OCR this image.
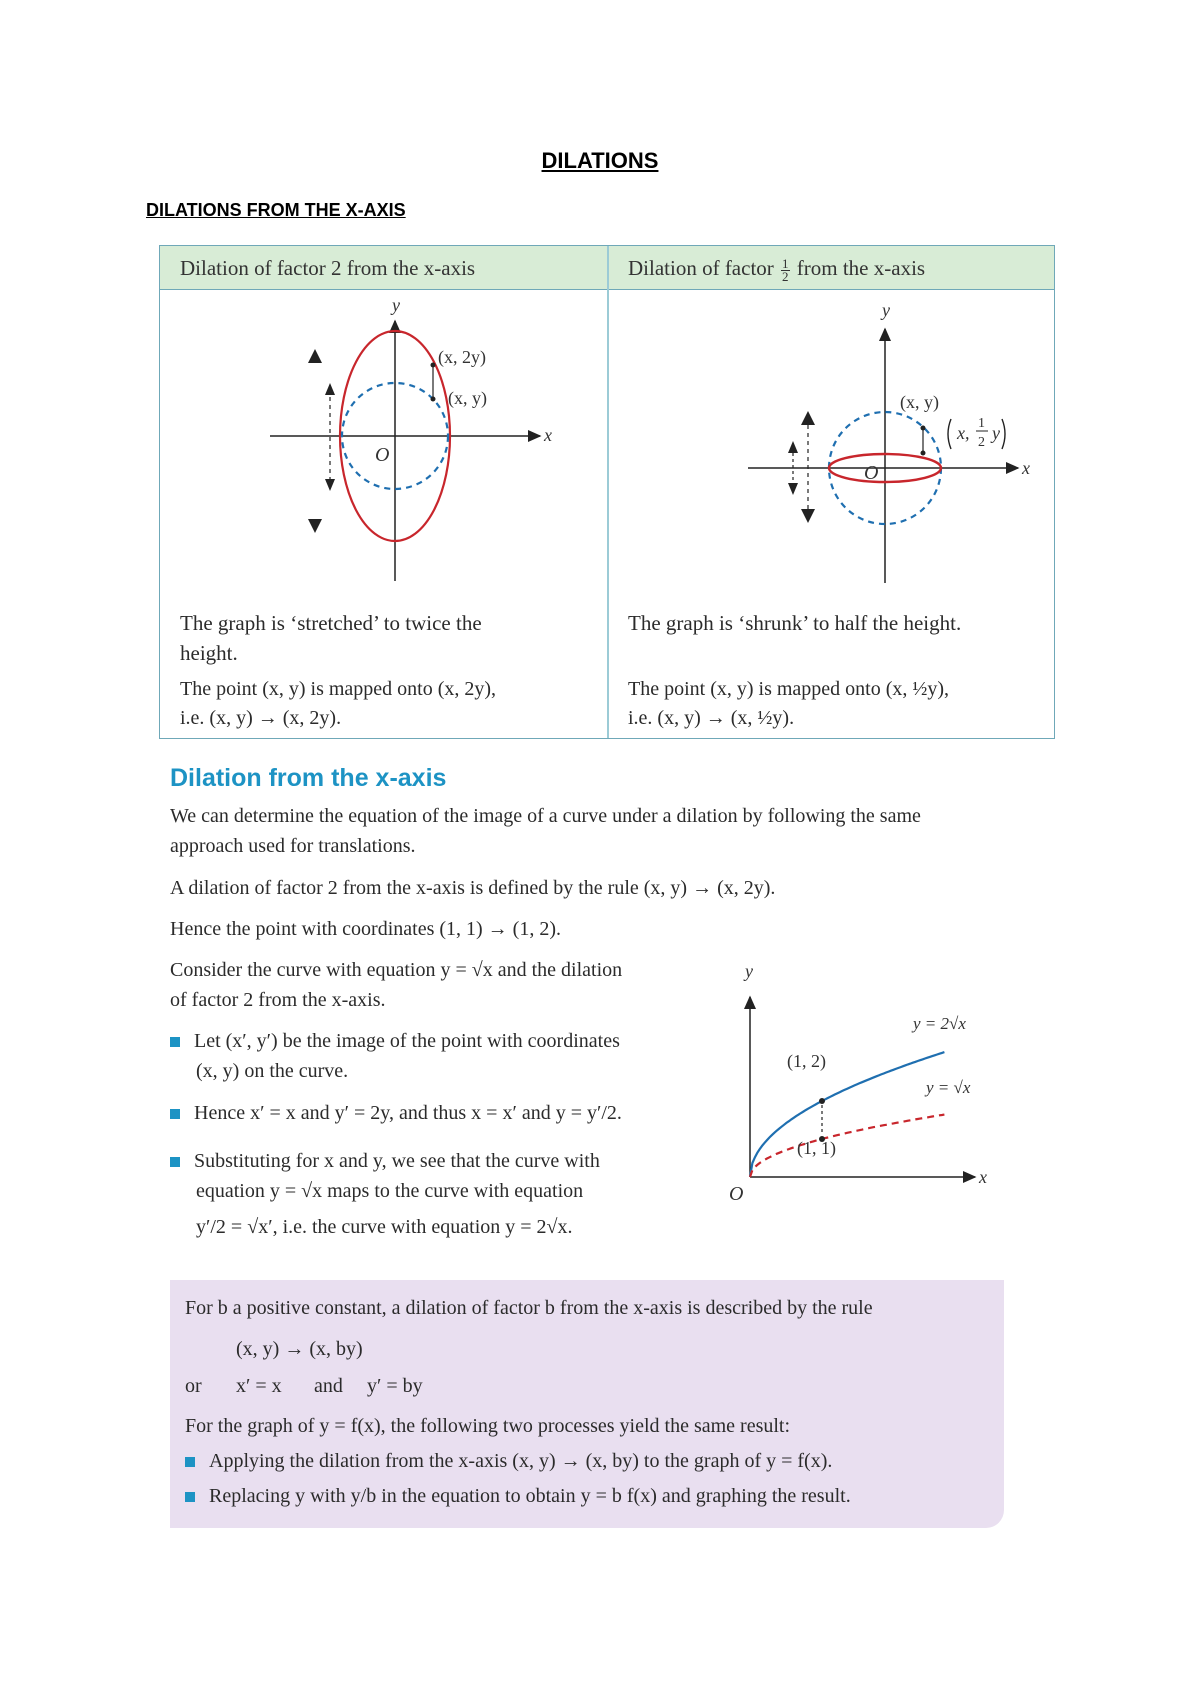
DILATIONS
DILATIONS FROM THE X-AXIS
Dilation of factor 2 from the x-axis	Dilation of factor $\frac{1}{2}$ from the x-axis
y
x
O
(x, 2y)
(x, y)
y
x
O
(x, y)
x, 1
2 y
The graph is ‘stretched’ to twice the
height.
The point (x, y) is mapped onto (x, 2y),
i.e. (x, y) → (x, 2y).
The graph is ‘shrunk’ to half the height.
The point (x, y) is mapped onto (x, ½y),
i.e. (x, y) → (x, ½y).
Dilation from the x-axis
We can determine the equation of the image of a curve under a dilation by following the same
approach used for translations.
A dilation of factor 2 from the x-axis is defined by the rule (x, y) → (x, 2y).
Hence the point with coordinates (1, 1) → (1, 2).
Consider the curve with equation y = √x and the dilation
of factor 2 from the x-axis.
Let (x′, y′) be the image of the point with coordinates
(x, y) on the curve.
Hence x′ = x and y′ = 2y, and thus x = x′ and y = y′/2.
Substituting for x and y, we see that the curve with
equation y = √x maps to the curve with equation
y′/2 = √x′, i.e. the curve with equation y = 2√x.
y
x
O
(1, 2)
(1, 1)
y = 2√x
y = √x
For b a positive constant, a dilation of factor b from the x-axis is described by the rule
(x, y) → (x, by)
or x′ = x and y′ = by
For the graph of y = f(x), the following two processes yield the same result:
Applying the dilation from the x-axis (x, y) → (x, by) to the graph of y = f(x).
Replacing y with y/b in the equation to obtain y = b f(x) and graphing the result.
